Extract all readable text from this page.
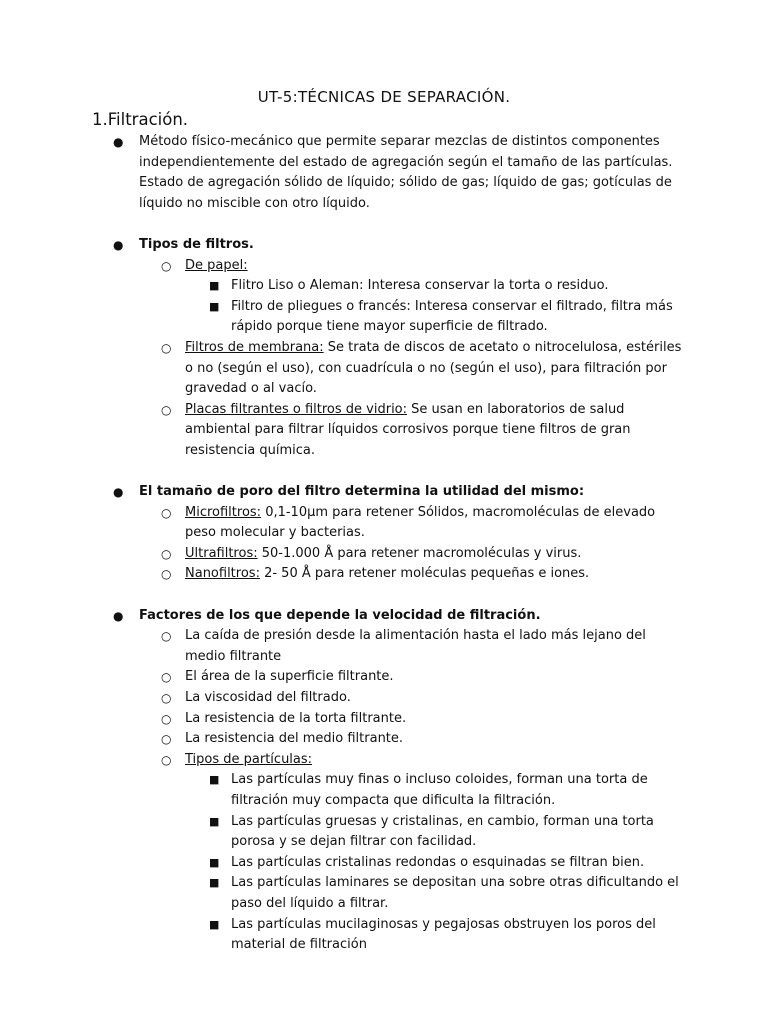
UT-5:TÉCNICAS DE SEPARACIÓN.
1.Filtración.
● Método físico-mecánico que permite separar mezclas de distintos componentes independientemente del estado de agregación según el tamaño de las partículas. Estado de agregación sólido de líquido; sólido de gas; líquido de gas; gotículas de líquido no miscible con otro líquido.
● Tipos de filtros.
○ De papel:
■ Flitro Liso o Aleman: Interesa conservar la torta o residuo.
■ Filtro de pliegues o francés: Interesa conservar el filtrado, filtra más rápido porque tiene mayor superficie de filtrado.
○ Filtros de membrana: Se trata de discos de acetato o nitrocelulosa, estériles o no (según el uso), con cuadrícula o no (según el uso), para filtración por gravedad o al vacío.
○ Placas filtrantes o filtros de vidrio: Se usan en laboratorios de salud ambiental para filtrar líquidos corrosivos porque tiene filtros de gran resistencia química.
● El tamaño de poro del filtro determina la utilidad del mismo:
○ Microfiltros: 0,1-10μm para retener Sólidos, macromoléculas de elevado peso molecular y bacterias.
○ Ultrafiltros: 50-1.000 Å para retener macromoléculas y virus.
○ Nanofiltros: 2- 50 Å para retener moléculas pequeñas e iones.
● Factores de los que depende la velocidad de filtración.
○ La caída de presión desde la alimentación hasta el lado más lejano del medio filtrante
○ El área de la superficie filtrante.
○ La viscosidad del filtrado.
○ La resistencia de la torta filtrante.
○ La resistencia del medio filtrante.
○ Tipos de partículas:
■ Las partículas muy finas o incluso coloides, forman una torta de filtración muy compacta que dificulta la filtración.
■ Las partículas gruesas y cristalinas, en cambio, forman una torta porosa y se dejan filtrar con facilidad.
■ Las partículas cristalinas redondas o esquinadas se filtran bien.
■ Las partículas laminares se depositan una sobre otras dificultando el paso del líquido a filtrar.
■ Las partículas mucilaginosas y pegajosas obstruyen los poros del material de filtración
